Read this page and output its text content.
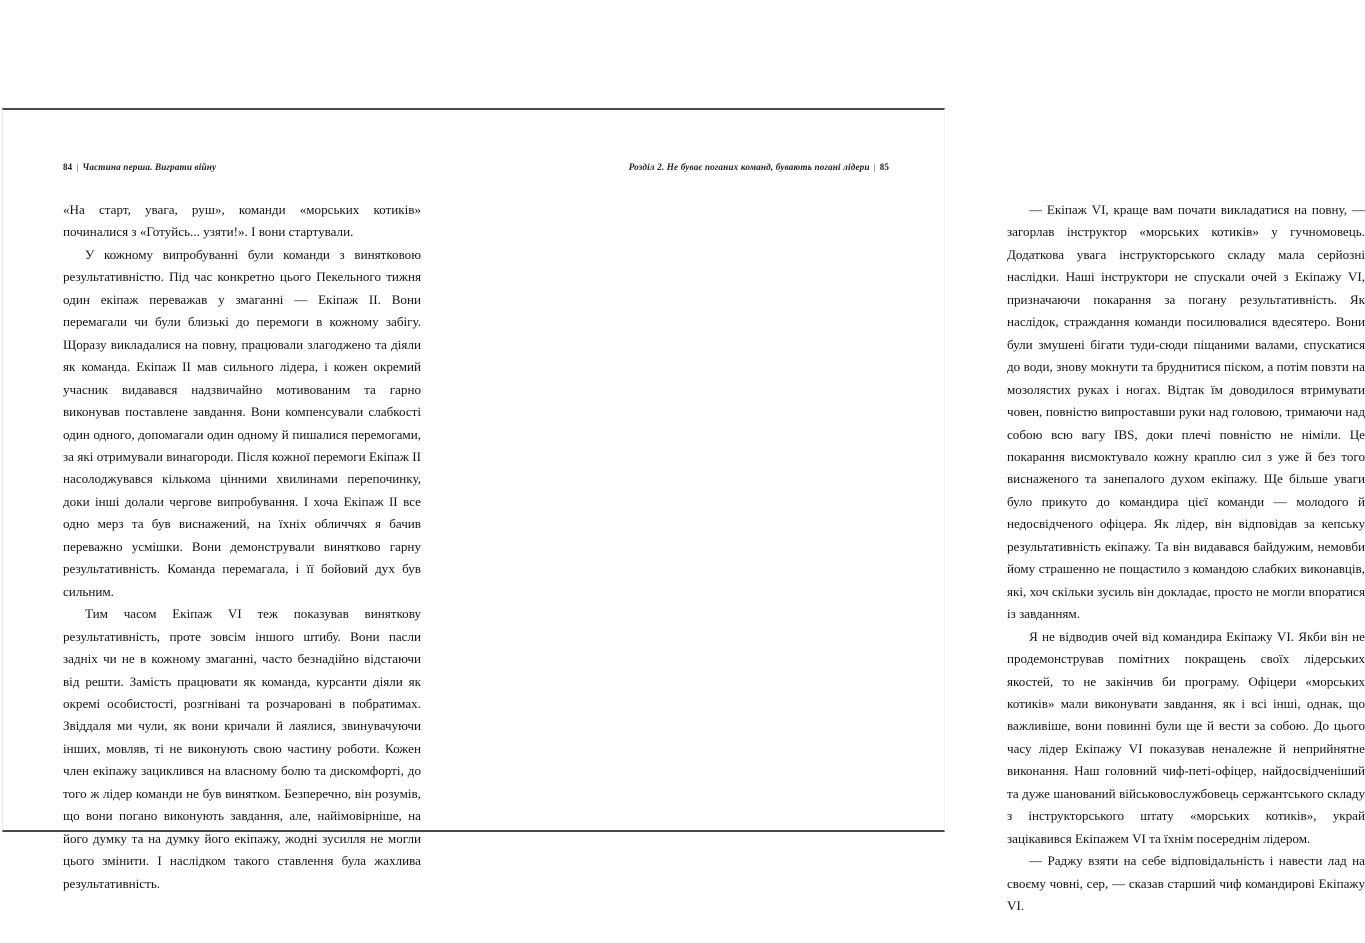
84 | Частина перша. Виграти війну

«На старт, увага, руш», команди «морських котиків» починалися з «Готуйсь... узяти!». І вони стартували.

У кожному випробуванні були команди з винятковою результативністю. Під час конкретно цього Пекельного тижня один екіпаж переважав у змаганні — Екіпаж II. Вони перемагали чи були близькі до перемоги в кожному забігу. Щоразу викладалися на повну, працювали злагоджено та діяли як команда. Екіпаж II мав сильного лідера, і кожен окремий учасник видавався надзвичайно мотивованим та гарно виконував поставлене завдання. Вони компенсували слабкості один одного, допомагали один одному й пишалися перемогами, за які отримували винагороди. Після кожної перемоги Екіпаж II насолоджувався кількома цінними хвилинами перепочинку, доки інші долали чергове випробування. І хоча Екіпаж II все одно мерз та був виснажений, на їхніх обличчях я бачив переважно усмішки. Вони демонстрували винятково гарну результативність. Команда перемагала, і її бойовий дух був сильним.

Тим часом Екіпаж VI теж показував виняткову результативність, проте зовсім іншого штибу. Вони пасли задніх чи не в кожному змаганні, часто безнадійно відстаючи від решти. Замість працювати як команда, курсанти діяли як окремі особистості, розгнівані та розчаровані в побратимах. Звіддаля ми чули, як вони кричали й лаялися, звинувачуючи інших, мовляв, ті не виконують свою частину роботи. Кожен член екіпажу зациклився на власному болю та дискомфорті, до того ж лідер команди не був винятком. Безперечно, він розумів, що вони погано виконують завдання, але, найімовірніше, на його думку та на думку його екіпажу, жодні зусилля не могли цього змінити. І наслідком такого ставлення була жахлива результативність.

Розділ 2. Не буває поганих команд, бувають погані лідери | 85

— Екіпаж VI, краще вам почати викладатися на повну, — загорлав інструктор «морських котиків» у гучномовець. Додаткова увага інструкторського складу мала серйозні наслідки. Наші інструктори не спускали очей з Екіпажу VI, призначаючи покарання за погану результативність. Як наслідок, страждання команди посилювалися вдесятеро. Вони були змушені бігати туди-сюди піщаними валами, спускатися до води, знову мокнути та бруднитися піском, а потім повзти на мозолястих руках і ногах. Відтак їм доводилося втримувати човен, повністю випроставши руки над головою, тримаючи над собою всю вагу IBS, доки плечі повністю не німіли. Це покарання висмоктувало кожну краплю сил з уже й без того виснаженого та занепалого духом екіпажу. Ще більше уваги було прикуто до командира цієї команди — молодого й недосвідченого офіцера. Як лідер, він відповідав за кепську результативність екіпажу. Та він видавався байдужим, немовби йому страшенно не пощастило з командою слабких виконавців, які, хоч скільки зусиль він докладає, просто не могли впоратися із завданням.

Я не відводив очей від командира Екіпажу VI. Якби він не продемонстрував помітних покращень своїх лідерських якостей, то не закінчив би програму. Офіцери «морських котиків» мали виконувати завдання, як і всі інші, однак, що важливіше, вони повинні були ще й вести за собою. До цього часу лідер Екіпажу VI показував неналежне й неприйнятне виконання. Наш головний чиф-петі-офіцер, найдосвідченіший та дуже шанований військовослужбовець сержантського складу з інструкторського штату «морських котиків», украй зацікавився Екіпажем VI та їхнім посереднім лідером.

— Раджу взяти на себе відповідальність і навести лад на своєму човні, сер, — сказав старший чиф командирові Екіпажу VI.
